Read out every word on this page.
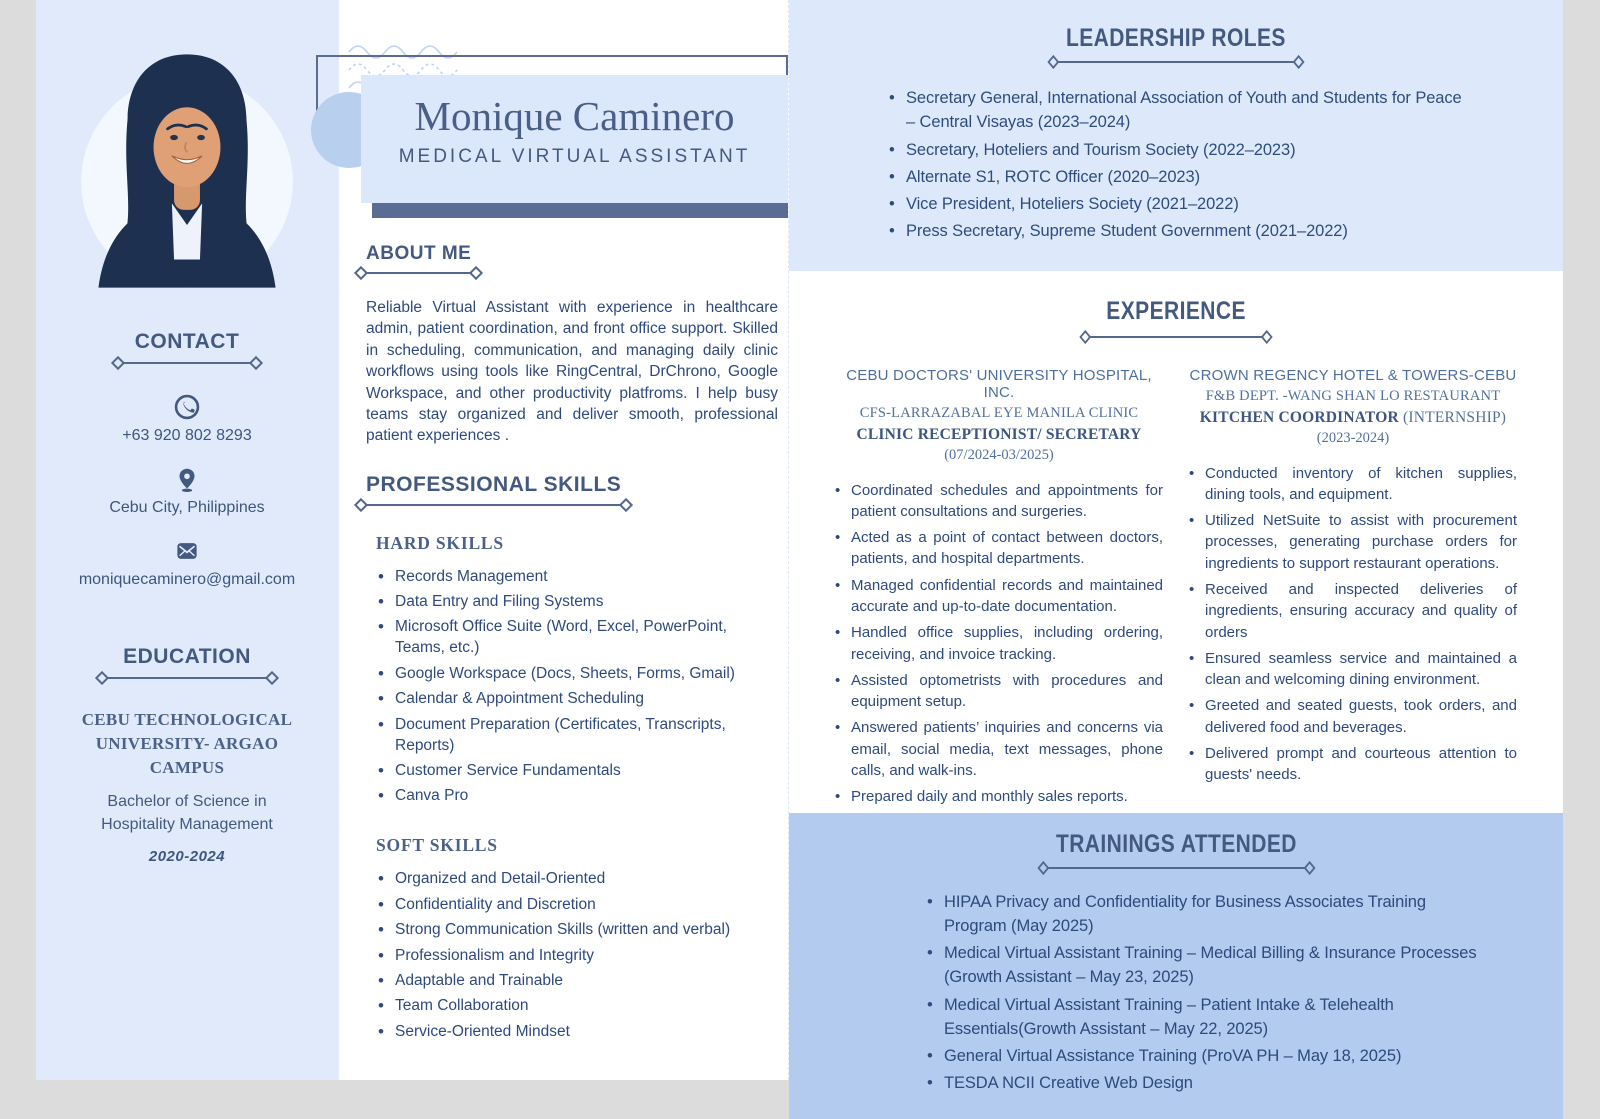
CONTACT
+63 920 802 8293
Cebu City, Philippines
moniquecaminero@gmail.com
EDUCATION
CEBU TECHNOLOGICAL UNIVERSITY- ARGAO CAMPUS
Bachelor of Science in Hospitality Management
2020-2024
Monique Caminero
MEDICAL VIRTUAL ASSISTANT
ABOUT ME

Reliable Virtual Assistant with experience in healthcare admin, patient coordination, and front office support. Skilled in scheduling, communication, and managing daily clinic workflows using tools like RingCentral, DrChrono, Google Workspace, and other productivity platfroms. I help busy teams stay organized and deliver smooth, professional patient experiences .

PROFESSIONAL SKILLS
HARD SKILLS
• Records Management
• Data Entry and Filing Systems
• Microsoft Office Suite (Word, Excel, PowerPoint, Teams, etc.)
• Google Workspace (Docs, Sheets, Forms, Gmail)
• Calendar & Appointment Scheduling
• Document Preparation (Certificates, Transcripts, Reports)
• Customer Service Fundamentals
• Canva Pro
SOFT SKILLS
• Organized and Detail-Oriented
• Confidentiality and Discretion
• Strong Communication Skills (written and verbal)
• Professionalism and Integrity
• Adaptable and Trainable
• Team Collaboration
• Service-Oriented Mindset
LEADERSHIP ROLES
• Secretary General, International Association of Youth and Students for Peace – Central Visayas (2023–2024)
• Secretary, Hoteliers and Tourism Society (2022–2023)
• Alternate S1, ROTC Officer (2020–2023)
• Vice President, Hoteliers Society (2021–2022)
• Press Secretary, Supreme Student Government (2021–2022)
EXPERIENCE
CEBU DOCTORS' UNIVERSITY HOSPITAL, INC.
CFS-LARRAZABAL EYE MANILA CLINIC
CLINIC RECEPTIONIST/ SECRETARY
(07/2024-03/2025)
• Coordinated schedules and appointments for patient consultations and surgeries.
• Acted as a point of contact between doctors, patients, and hospital departments.
• Managed confidential records and maintained accurate and up-to-date documentation.
• Handled office supplies, including ordering, receiving, and invoice tracking.
• Assisted optometrists with procedures and equipment setup.
• Answered patients’ inquiries and concerns via email, social media, text messages, phone calls, and walk-ins.
• Prepared daily and monthly sales reports.
CROWN REGENCY HOTEL & TOWERS-CEBU
F&B DEPT. -WANG SHAN LO RESTAURANT
KITCHEN COORDINATOR (INTERNSHIP)
(2023-2024)
• Conducted inventory of kitchen supplies, dining tools, and equipment.
• Utilized NetSuite to assist with procurement processes, generating purchase orders for ingredients to support restaurant operations.
• Received and inspected deliveries of ingredients, ensuring accuracy and quality of orders
• Ensured seamless service and maintained a clean and welcoming dining environment.
• Greeted and seated guests, took orders, and delivered food and beverages.
• Delivered prompt and courteous attention to guests' needs.
TRAININGS ATTENDED
• HIPAA Privacy and Confidentiality for Business Associates Training Program (May 2025)
• Medical Virtual Assistant Training – Medical Billing & Insurance Processes (Growth Assistant – May 23, 2025)
• Medical Virtual Assistant Training – Patient Intake & Telehealth Essentials(Growth Assistant – May 22, 2025)
• General Virtual Assistance Training (ProVA PH – May 18, 2025)
• TESDA NCII Creative Web Design
